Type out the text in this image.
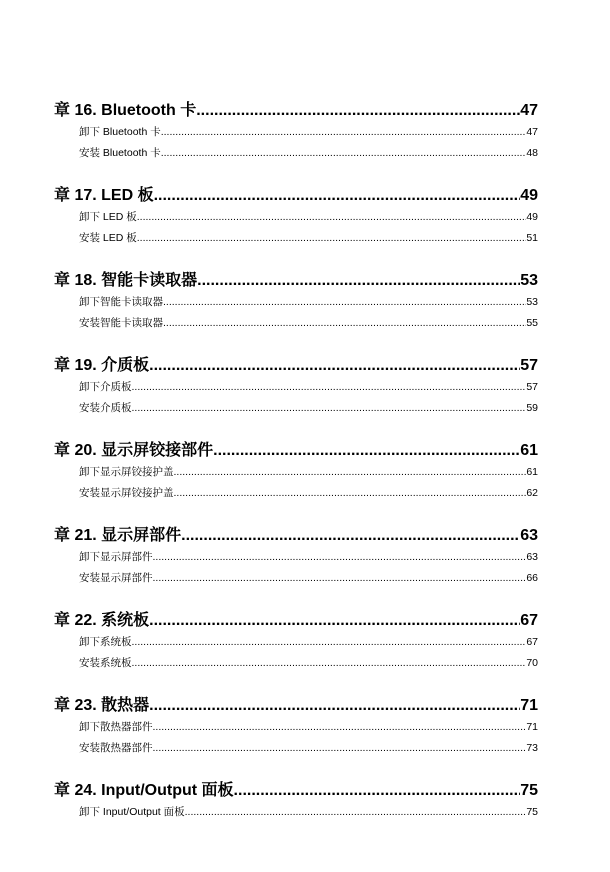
章 16. Bluetooth 卡 .....	47
卸下 Bluetooth 卡 .....	47
安装 Bluetooth 卡 .....	48
章 17. LED 板 .....	49
卸下 LED 板 .....	49
安装 LED 板 .....	51
章 18. 智能卡读取器 .....	53
卸下智能卡读取器 .....	53
安装智能卡读取器 .....	55
章 19. 介质板 .....	57
卸下介质板 .....	57
安装介质板 .....	59
章 20. 显示屏铰接部件 .....	61
卸下显示屏铰接护盖 .....	61
安装显示屏铰接护盖 .....	62
章 21. 显示屏部件 .....	63
卸下显示屏部件 .....	63
安装显示屏部件 .....	66
章 22. 系统板 .....	67
卸下系统板 .....	67
安装系统板 .....	70
章 23. 散热器 .....	71
卸下散热器部件 .....	71
安装散热器部件 .....	73
章 24. Input/Output 面板 .....	75
卸下 Input/Output 面板 .....	75
